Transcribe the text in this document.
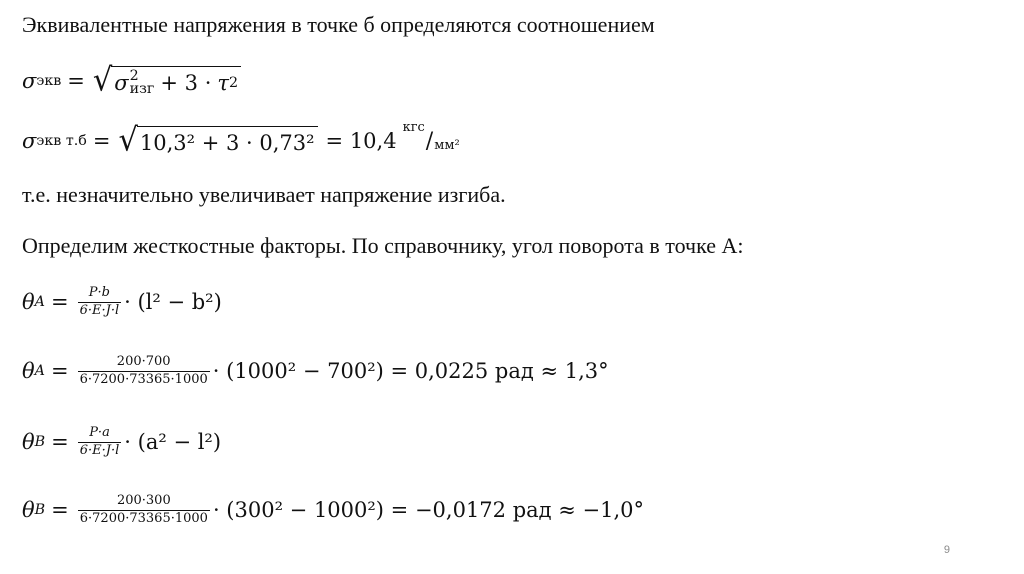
Эквивалентные напряжения в точке б определяются соотношением
σ экв = √ σ 2
изг + 3 · τ 2
σ экв т.б = √ 10,3² + 3 · 0,73² = 10,4
кгс
/ мм²
т.е. незначительно увеличивает напряжение изгиба.
Определим жесткостные факторы. По справочнику, угол поворота в точке А:
θ $A = \frac{P\cdot b}{6\cdot E\cdot J\cdot l} \cdot (l^2 - b^2)$
θ $A = \frac{200\cdot 700}{6\cdot 7200\cdot 73365\cdot 1000} \cdot (1000^2 - 700^2) = 0,0225$ рад ≈ 1,3°
θ $B = \frac{P\cdot a}{6\cdot E\cdot J\cdot l} \cdot (a^2 - l^2)$
θ $B = \frac{200\cdot 300}{6\cdot 7200\cdot 73365\cdot 1000} \cdot (300^2 - 1000^2) = -0,0172$ рад ≈ −1,0°
9
